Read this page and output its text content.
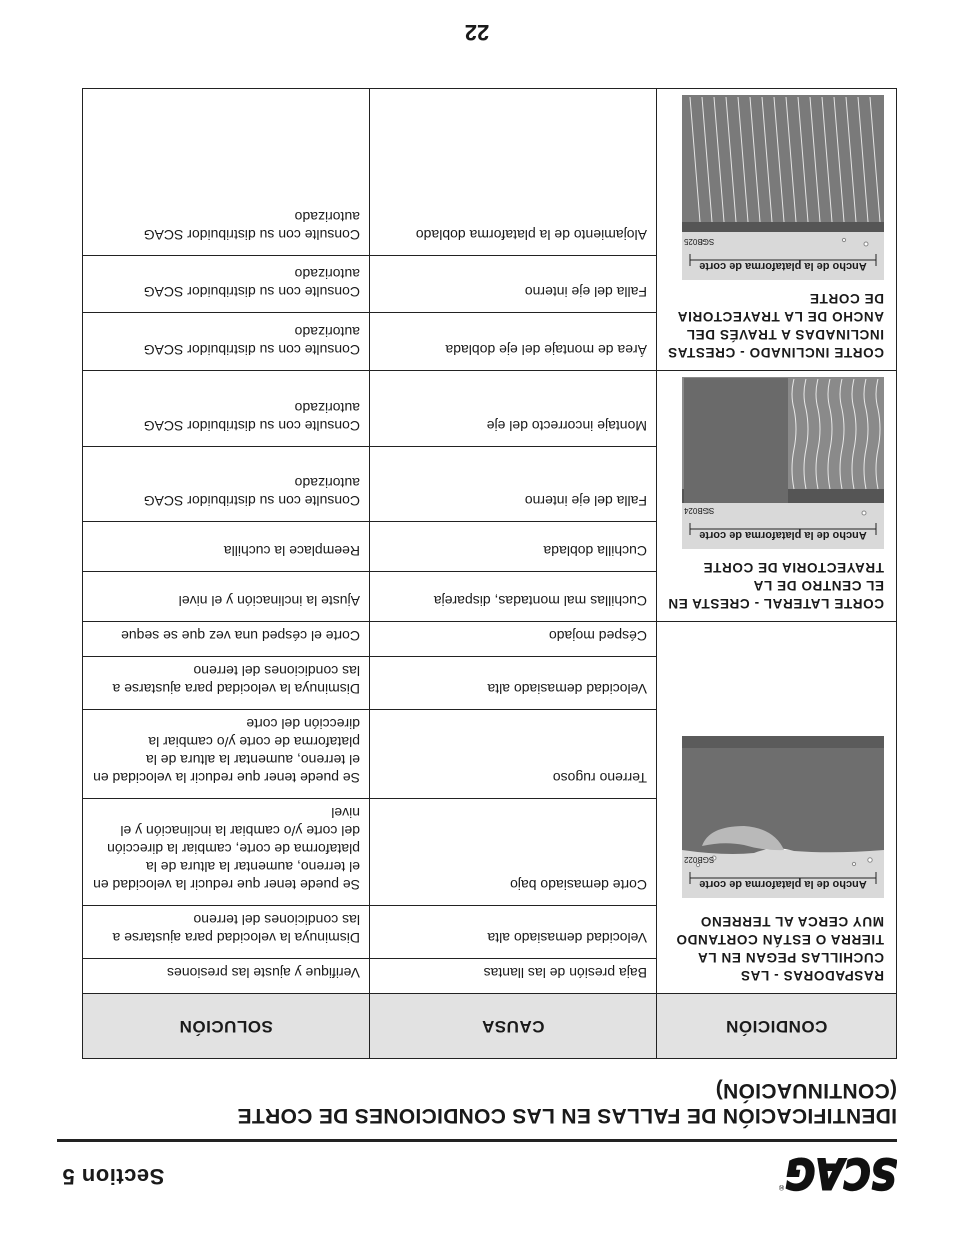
SCAG
Section 5
IDENTIFICACIÓN DE FALLAS EN LAS CONDICIONES DE CORTE (CONTINUACIÓN)
CONDICIÓN	CAUSA	SOLUCIÓN

RASPADORAS - LAS CUCHILLAS PEGAN EN LA TIERRA O ESTÁN CORTANDO MUY CERCA AL TERRENO
Ancho de la plataforma de corte
SGB022	Baja presión de las llantas	Verifique y ajuste las presiones
	Velocidad demasiado alta	Disminuya la velocidad para ajustarse a las condiciones del terreno
	Corte demasiado bajo	Se puede tener que reducir la velocidad en el terreno, aumentar la altura de la plataforma de corte, cambiar la dirección del corte y/o cambiar la inclinación y el nivel
	Terreno rugoso	Se puede tener que reducir la velocidad en el terreno, aumentar la altura de la plataforma de corte y/o cambiar la dirección del corte
	Velocidad demasiado alta	Disminuya la velocidad para ajustarse a las condiciones del terreno
	Césped mojado	Corte el césped una vez que se seque

CORTE LATERAL - CRESTA EN EL CENTRO DE LA TRAYECTORIA DE CORTE
Ancho de la plataforma de corte
SGB024	Cuchillas mal montadas, dispareja	Ajuste la inclinación y el nivel
	Cuchilla doblada	Reemplace la cuchilla
	Falla del eje interno	Consulte con su distribuidor SCAG autorizado
	Montaje incorrecto del eje	Consulte con su distribuidor SCAG autorizado

CORTE INCLINADO - CRESTAS INCLINADAS A TRAVÉS DEL ANCHO DE LA TRAYECTORIA DE CORTE
Ancho de la plataforma de corte
SGB025	Área de montaje del eje doblada	Consulte con su distribuidor SCAG autorizado
	Falla del eje interno	Consulte con su distribuidor SCAG autorizado
	Alojamiento de la plataforma doblado	Consulte con su distribuidor SCAG autorizado
22
